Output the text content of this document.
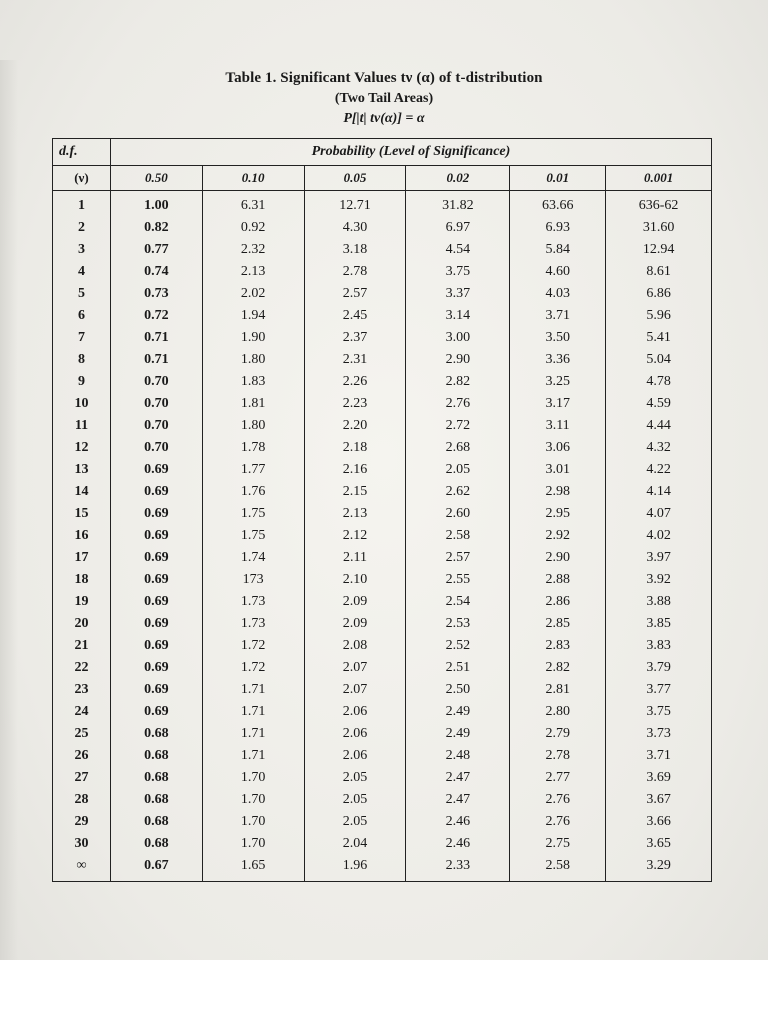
Table 1. Significant Values tν (α) of t-distribution
(Two Tail Areas)
P[|t| tν(α)] = α
d.f.	Probability (Level of Significance)					
(ν)	0.50	0.10	0.05	0.02	0.01	0.001
1	1.00	6.31	12.71	31.82	63.66	636-62
2	0.82	0.92	4.30	6.97	6.93	31.60
3	0.77	2.32	3.18	4.54	5.84	12.94
4	0.74	2.13	2.78	3.75	4.60	8.61
5	0.73	2.02	2.57	3.37	4.03	6.86
6	0.72	1.94	2.45	3.14	3.71	5.96
7	0.71	1.90	2.37	3.00	3.50	5.41
8	0.71	1.80	2.31	2.90	3.36	5.04
9	0.70	1.83	2.26	2.82	3.25	4.78
10	0.70	1.81	2.23	2.76	3.17	4.59
11	0.70	1.80	2.20	2.72	3.11	4.44
12	0.70	1.78	2.18	2.68	3.06	4.32
13	0.69	1.77	2.16	2.05	3.01	4.22
14	0.69	1.76	2.15	2.62	2.98	4.14
15	0.69	1.75	2.13	2.60	2.95	4.07
16	0.69	1.75	2.12	2.58	2.92	4.02
17	0.69	1.74	2.11	2.57	2.90	3.97
18	0.69	173	2.10	2.55	2.88	3.92
19	0.69	1.73	2.09	2.54	2.86	3.88
20	0.69	1.73	2.09	2.53	2.85	3.85
21	0.69	1.72	2.08	2.52	2.83	3.83
22	0.69	1.72	2.07	2.51	2.82	3.79
23	0.69	1.71	2.07	2.50	2.81	3.77
24	0.69	1.71	2.06	2.49	2.80	3.75
25	0.68	1.71	2.06	2.49	2.79	3.73
26	0.68	1.71	2.06	2.48	2.78	3.71
27	0.68	1.70	2.05	2.47	2.77	3.69
28	0.68	1.70	2.05	2.47	2.76	3.67
29	0.68	1.70	2.05	2.46	2.76	3.66
30	0.68	1.70	2.04	2.46	2.75	3.65
∞	0.67	1.65	1.96	2.33	2.58	3.29
